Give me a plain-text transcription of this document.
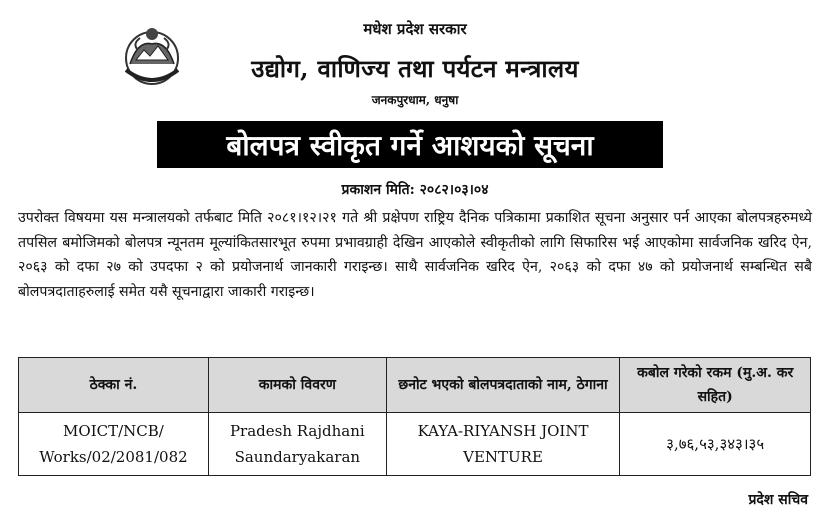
मधेश प्रदेश सरकार
उद्योग, वाणिज्य तथा पर्यटन मन्त्रालय
जनकपुरधाम, धनुषा
बोलपत्र स्वीकृत गर्ने आशयको सूचना
प्रकाशन मिति: २०८२।०३।०४
उपरोक्त विषयमा यस मन्त्रालयको तर्फबाट मिति २०८१।१२।२१ गते श्री प्रक्षेपण राष्ट्रिय दैनिक पत्रिकामा प्रकाशित सूचना अनुसार पर्न आएका बोलपत्रहरुमध्ये तपसिल बमोजिमको बोलपत्र न्यूनतम मूल्यांकितसारभूत रुपमा प्रभावग्राही देखिन आएकोले स्वीकृतीको लागि सिफारिस भई आएकोमा सार्वजनिक खरिद ऐन, २०६३ को दफा २७ को उपदफा २ को प्रयोजनार्थ जानकारी गराइन्छ। साथै सार्वजनिक खरिद ऐन, २०६३ को दफा ४७ को प्रयोजनार्थ सम्बन्धित सबै बोलपत्रदाताहरुलाई समेत यसै सूचनाद्वारा जाकारी गराइन्छ।
ठेक्का नं.	कामको विवरण	छनोट भएको बोलपत्रदाताको नाम, ठेगाना	कबोल गरेको रकम (मु.अ. कर सहित)
MOICT/NCB/ Works/02/2081/082	Pradesh Rajdhani Saundaryakaran	KAYA-RIYANSH JOINT VENTURE	३,७६,५३,३४३।३५
प्रदेश सचिव
